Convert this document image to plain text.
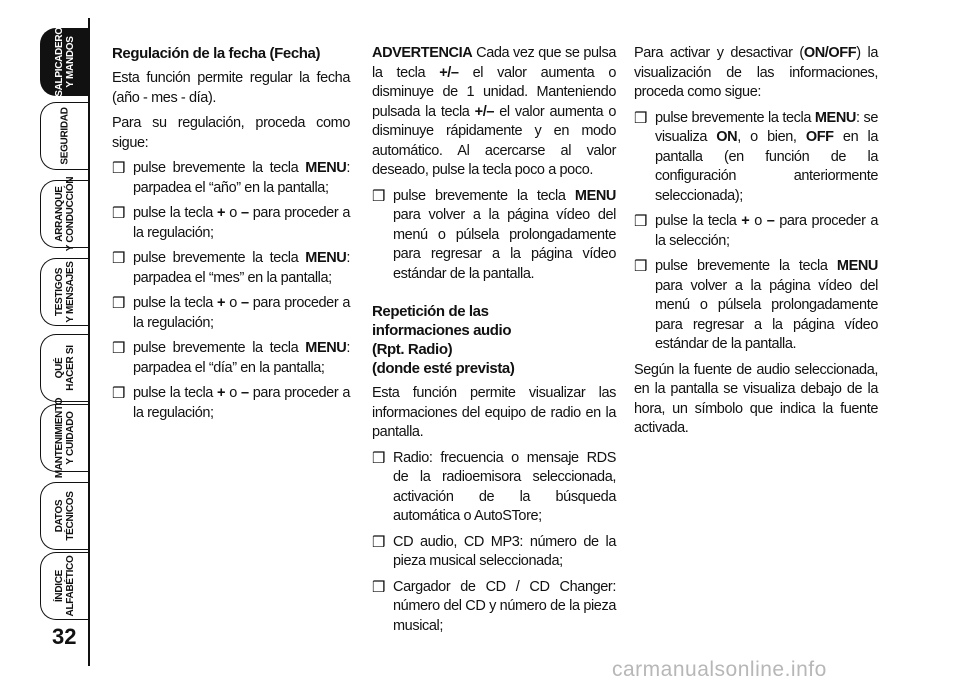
SALPICADERO
Y MANDOS
SEGURIDAD
ARRANQUE
Y CONDUCCIÓN
TESTIGOS
Y MENSAJES
QUÉ
HACER SI
MANTENIMIENTO
Y CUIDADO
DATOS
TÉCNICOS
ÍNDICE
ALFABÉTICO
32
Regulación de la fecha (Fecha)

Esta función permite regular la fecha (año - mes - día).

Para su regulación, proceda como sigue:

❒ pulse brevemente la tecla MENU: parpadea el “año” en la pantalla;
❒ pulse la tecla + o – para proceder a la regulación;
❒ pulse brevemente la tecla MENU: parpadea el “mes” en la pantalla;
❒ pulse la tecla + o – para proceder a la regulación;
❒ pulse brevemente la tecla MENU: parpadea el “día” en la pantalla;
❒ pulse la tecla + o – para proceder a la regulación;

ADVERTENCIA Cada vez que se pulsa la tecla +/– el valor aumenta o disminuye de 1 unidad. Manteniendo pulsada la tecla +/– el valor aumenta o disminuye rápidamente y en modo automático. Al acercarse al valor deseado, pulse la tecla poco a poco.

❒ pulse brevemente la tecla MENU para volver a la página vídeo del menú o púlsela prolongadamente para regresar a la página vídeo estándar de la pantalla.
Repetición de las
informaciones audio
(Rpt. Radio)
(donde esté prevista)

Esta función permite visualizar las informaciones del equipo de radio en la pantalla.

❒ Radio: frecuencia o mensaje RDS de la radioemisora seleccionada, activación de la búsqueda automática o AutoSTore;
❒ CD audio, CD MP3: número de la pieza musical seleccionada;
❒ Cargador de CD / CD Changer: número del CD y número de la pieza musical;

Para activar y desactivar (ON/OFF) la visualización de las informaciones, proceda como sigue:

❒ pulse brevemente la tecla MENU: se visualiza ON, o bien, OFF en la pantalla (en función de la configuración anteriormente seleccionada);
❒ pulse la tecla + o – para proceder a la selección;
❒ pulse brevemente la tecla MENU para volver a la página vídeo del menú o púlsela prolongadamente para regresar a la página vídeo estándar de la pantalla.

Según la fuente de audio seleccionada, en la pantalla se visualiza debajo de la hora, un símbolo que indica la fuente activada.

carmanualsonline.info
